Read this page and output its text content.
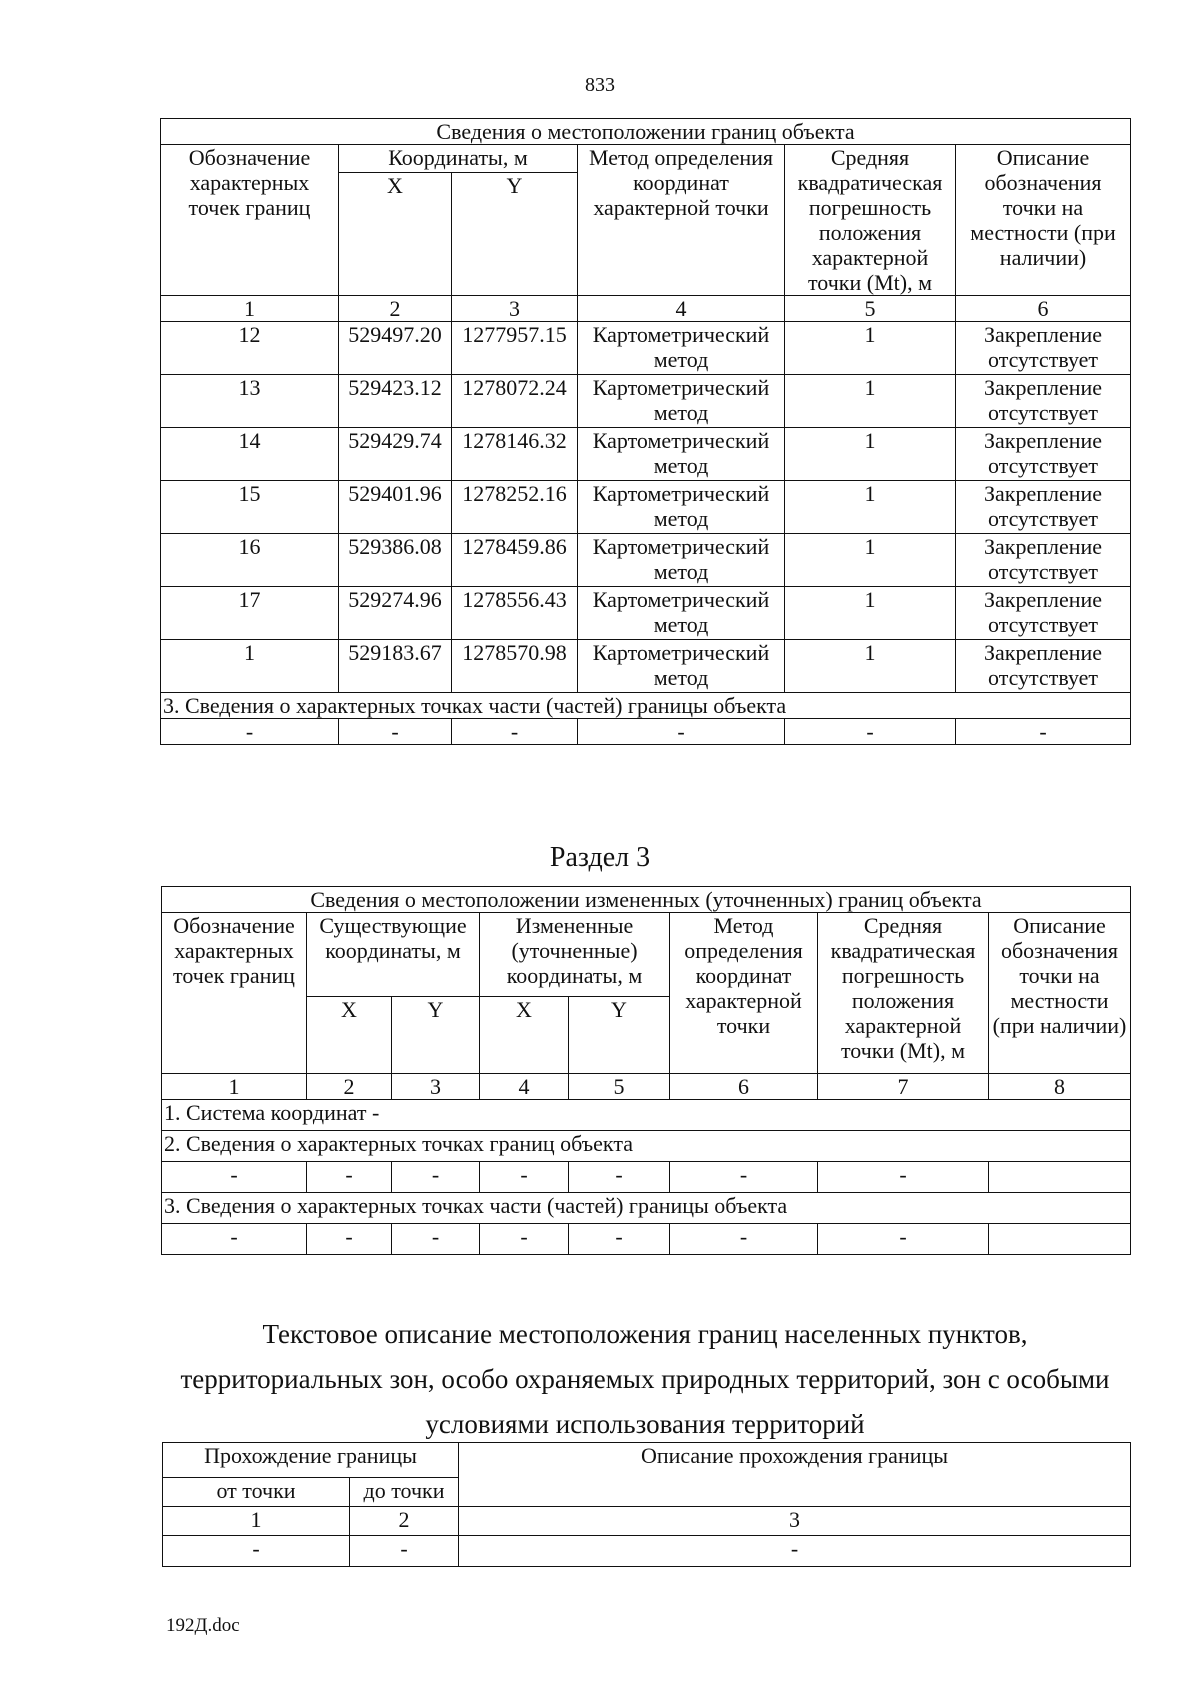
833
Сведения о местоположении границ объекта					
Обозначение характерных точек границ	Координаты, м		Метод определения координат характерной точки	Средняя квадратическая погрешность положения характерной точки (Мt), м	Описание обозначения точки на местности (при наличии)
	X	Y			
1	2	3	4	5	6
12	529497.20	1277957.15	Картометрический метод	1	Закрепление отсутствует
13	529423.12	1278072.24	Картометрический метод	1	Закрепление отсутствует
14	529429.74	1278146.32	Картометрический метод	1	Закрепление отсутствует
15	529401.96	1278252.16	Картометрический метод	1	Закрепление отсутствует
16	529386.08	1278459.86	Картометрический метод	1	Закрепление отсутствует
17	529274.96	1278556.43	Картометрический метод	1	Закрепление отсутствует
1	529183.67	1278570.98	Картометрический метод	1	Закрепление отсутствует
3. Сведения о характерных точках части (частей) границы объекта					
-	-	-	-	-	-
Раздел 3
Сведения о местоположении измененных (уточненных) границ объекта							
Обозначение характерных точек границ	Существующие координаты, м		Измененные (уточненные) координаты, м		Метод определения координат характерной точки	Средняя квадратическая погрешность положения характерной точки (Мt), м	Описание обозначения точки на местности (при наличии)
	X	Y	X	Y			
1	2	3	4	5	6	7	8
1. Система координат -							
2. Сведения о характерных точках границ объекта							
-	-	-	-	-	-	-	
3. Сведения о характерных точках части (частей) границы объекта							
-	-	-	-	-	-	-	
Текстовое описание местоположения границ населенных пунктов, территориальных зон, особо охраняемых природных территорий, зон с особыми условиями использования территорий
Прохождение границы		Описание прохождения границы
от точки	до точки	
1	2	3
-	-	-
192Д.doc
